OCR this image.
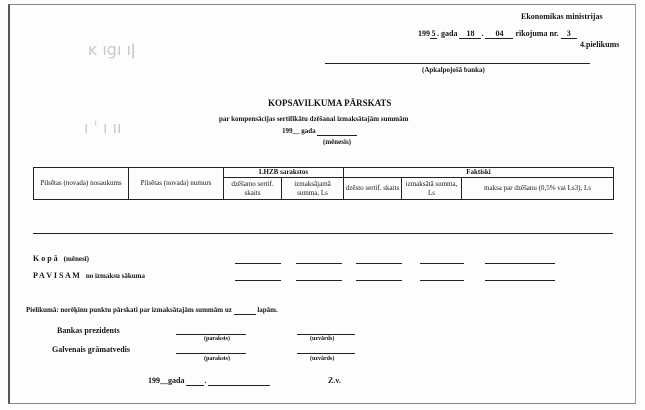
ĸ ıgı ıǀ
ı ˈ ı ıı
Ekonomikas ministrijas
199 5 . gada 18 . 04 rīkojuma nr. 3
4.pielikums
(Apkalpojošā banka)
KOPSAVILKUMA PĀRSKATS
par kompensācijas sertifikātu dzēšanai izmaksātajām summām
199__ gada
(mēnesis)
Pilsētas (novada) nosaukums	Pilsētas (novada) numurs	LHZB sarakstos		Faktiski		
		dzēšamo sertif. skaits	izmaksājamā summa, Ls	dzēsto sertif. skaits	izmaksātā summa, Ls	maksa par dzēšanu (0,5% vai Ls3), Ls
K o p ā (mēnesī)
P A V I S A M no izmaksu sākuma
Pielikumā: norēķinu punktu pārskati par izmaksātajām summām uz	lapām.
Bankas prezidents
(paraksts)	(uzvārds)
Galvenais grāmatvedis
(paraksts)	(uzvārds)
199__gada	.	Z.v.
